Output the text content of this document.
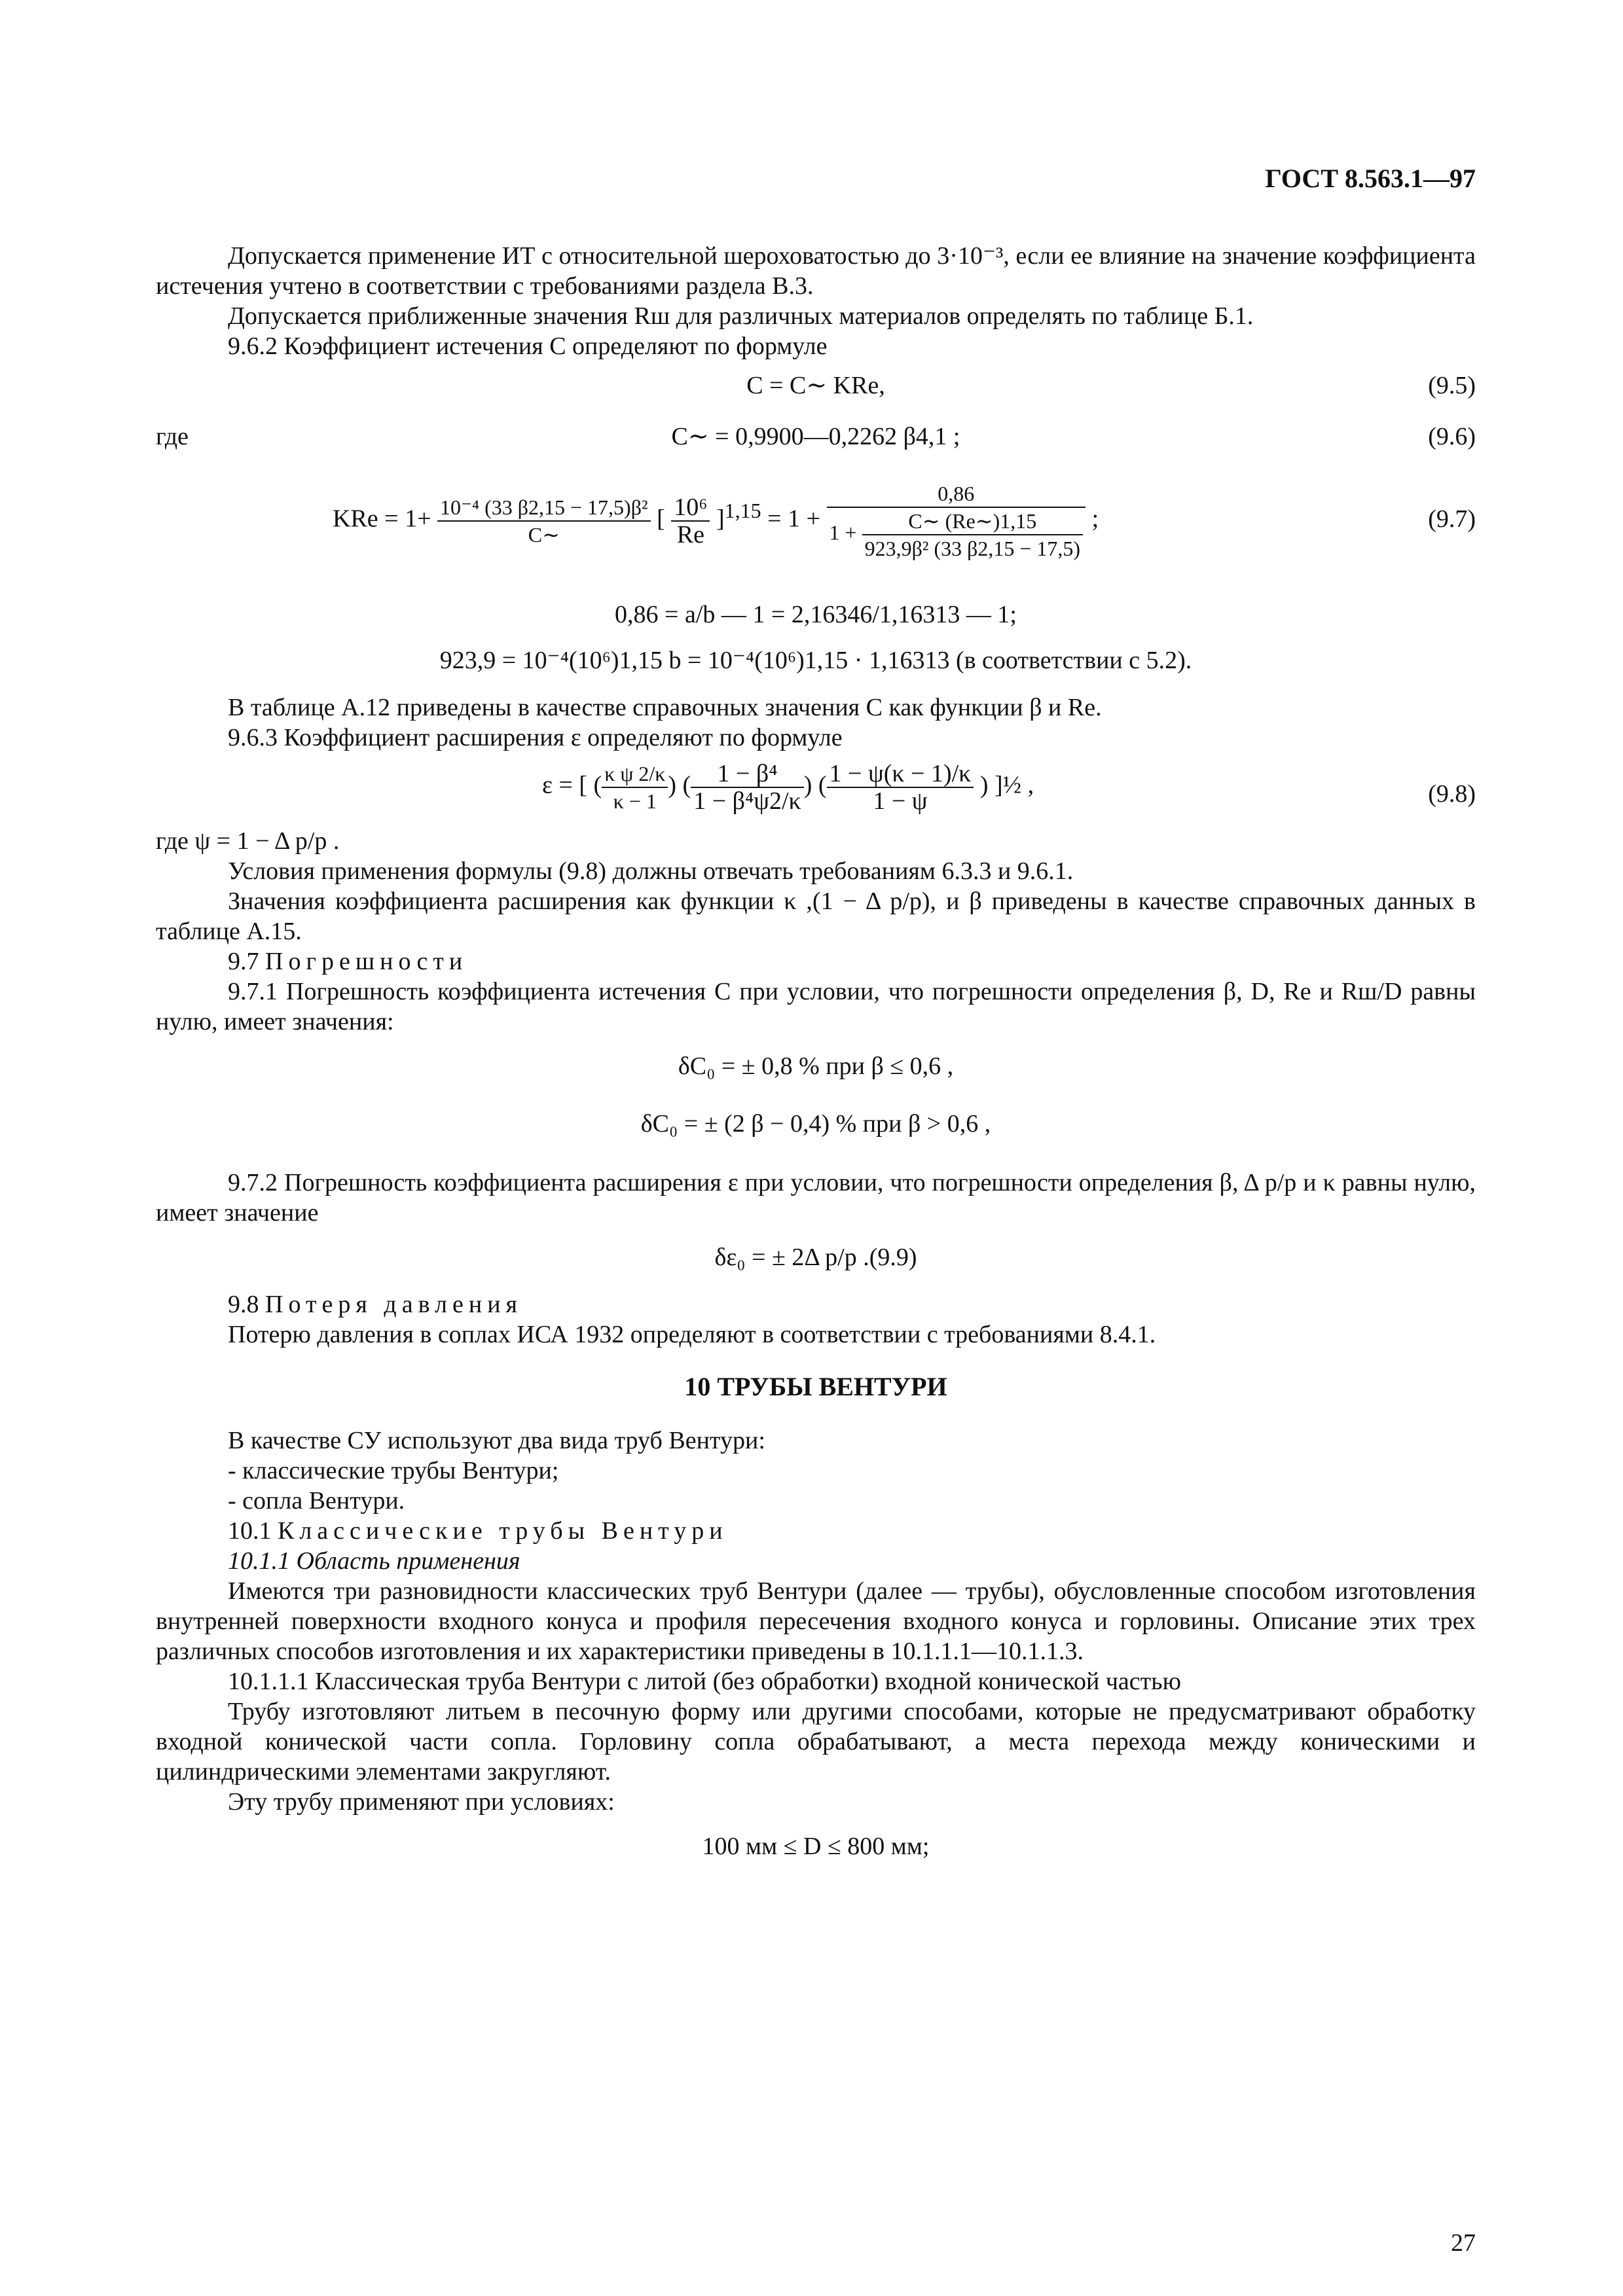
ГОСТ 8.563.1—97

Допускается применение ИТ с относительной шероховатостью до 3·10⁻³, если ее влияние на значение коэффициента истечения учтено в соответствии с требованиями раздела В.3.

Допускается приближенные значения Rш для различных материалов определять по таблице Б.1.

9.6.2 Коэффициент истечения C определяют по формуле

C = C∼ KRe,	(9.5)
где	C∼ = 0,9900—0,2262 β4,1 ;	(9.6)
KRe = $1+ \frac{\text{10⁻⁴ (33 β2,15 − 17,5)β²}}{C\sim}$ [ $\frac{\text{10⁶}}{Re} ]^{1,15} = 1$ +
0,86
$1 + \frac{C\sim (Re\sim)1,15}{\text{923,9β² (33 β2,15 − 17,5)}}$ ;	(9.7)

0,86 = a/b — 1 = 2,16346/1,16313 — 1;

923,9 = 10⁻⁴(10⁶)1,15 b = 10⁻⁴(10⁶)1,15 · 1,16313 (в соответствии с 5.2).

В таблице А.12 приведены в качестве справочных значения C как функции β и Re.

9.6.3 Коэффициент расширения ε определяют по формуле

ε = [ ( $\frac{\text{κ ψ 2/κ}}{\kappa - 1}$ ) ( $\frac{\text{1 − β⁴}}{\text{1 − β⁴ψ2/κ}}$ ) ( $\frac{1 - \psi(\kappa - 1)/\kappa}{1 - \psi}$ ) ]½ ,	(9.8)

где ψ = 1 − Δ p/p .

Условия применения формулы (9.8) должны отвечать требованиям 6.3.3 и 9.6.1.

Значения коэффициента расширения как функции κ ,(1 − Δ p/p), и β приведены в качестве справочных данных в таблице А.15.

9.7 Погрешности

9.7.1 Погрешность коэффициента истечения C при условии, что погрешности определения β, D, Re и Rш/D равны нулю, имеет значения:

δC₀ = ± 0,8 % при β ≤ 0,6 ,

δC₀ = ± (2 β − 0,4) % при β > 0,6 ,

9.7.2 Погрешность коэффициента расширения ε при условии, что погрешности определения β, Δ p/p и κ равны нулю, имеет значение

δε₀ = ± 2Δ p/p .(9.9)

9.8 Потеря давления

Потерю давления в соплах ИСА 1932 определяют в соответствии с требованиями 8.4.1.

10 ТРУБЫ ВЕНТУРИ

В качестве СУ используют два вида труб Вентури:

- классические трубы Вентури;

- сопла Вентури.

10.1 Классические трубы Вентури

10.1.1 Область применения

Имеются три разновидности классических труб Вентури (далее — трубы), обусловленные способом изготовления внутренней поверхности входного конуса и профиля пересечения входного конуса и горловины. Описание этих трех различных способов изготовления и их характеристики приведены в 10.1.1.1—10.1.1.3.

10.1.1.1 Классическая труба Вентури с литой (без обработки) входной конической частью

Трубу изготовляют литьем в песочную форму или другими способами, которые не предусматривают обработку входной конической части сопла. Горловину сопла обрабатывают, а места перехода между коническими и цилиндрическими элементами закругляют.

Эту трубу применяют при условиях:

100 мм ≤ D ≤ 800 мм;

27
